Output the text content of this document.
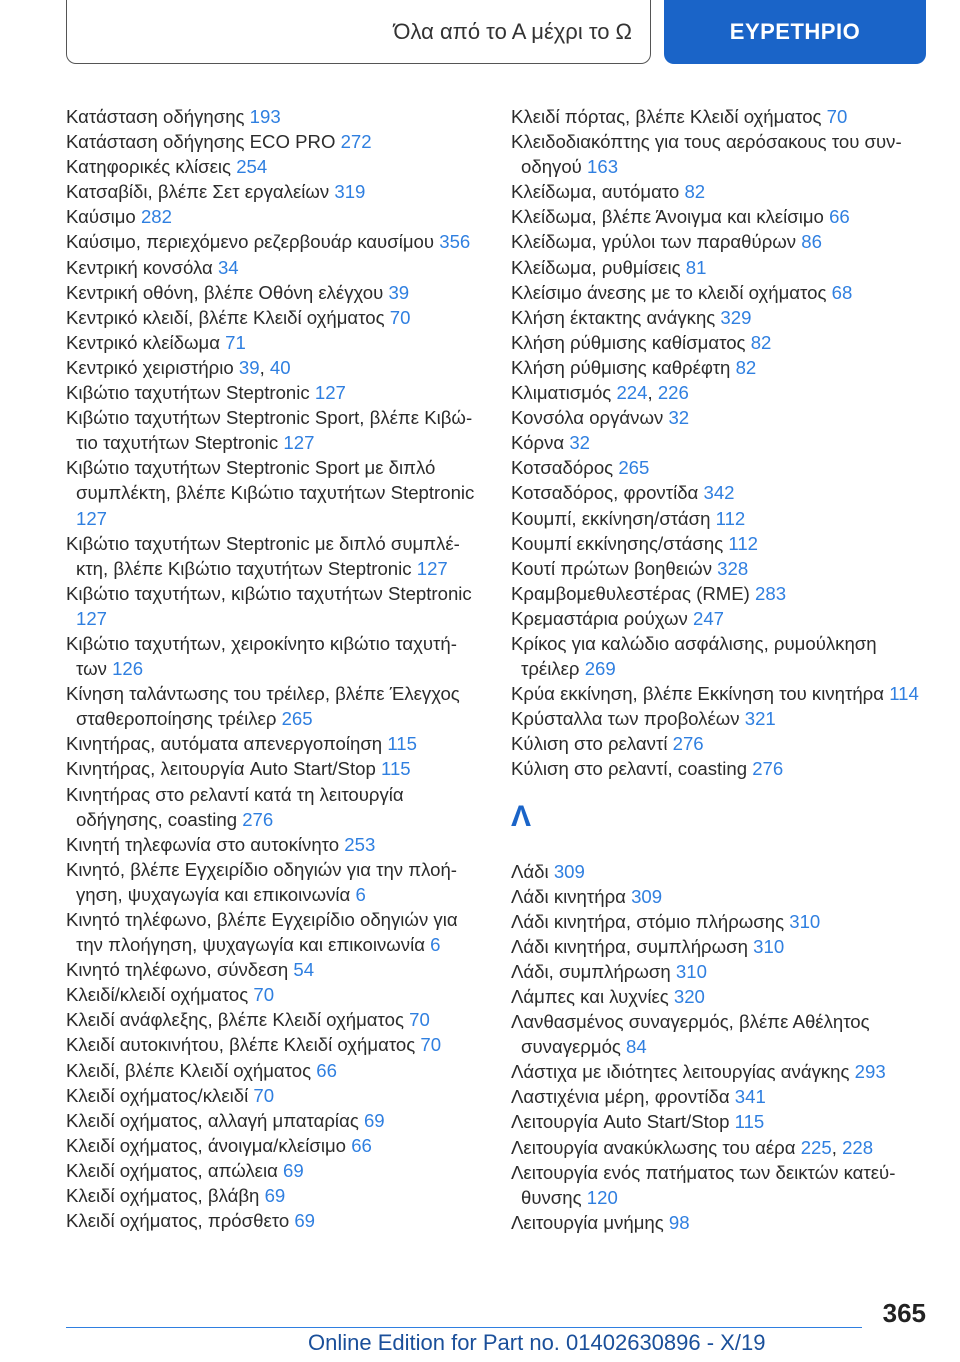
Όλα από το Α μέχρι το Ω	ΕΥΡΕΤΗΡΙΟ
Κατάσταση οδήγησης 193
Κατάσταση οδήγησης ECO PRO 272
Κατηφορικές κλίσεις 254
Κατσαβίδι, βλέπε Σετ εργαλείων 319
Καύσιμο 282
Καύσιμο, περιεχόμενο ρεζερβουάρ καυσίμου 356
Κεντρική κονσόλα 34
Κεντρική οθόνη, βλέπε Οθόνη ελέγχου 39
Κεντρικό κλειδί, βλέπε Κλειδί οχήματος 70
Κεντρικό κλείδωμα 71
Κεντρικό χειριστήριο 39, 40
Κιβώτιο ταχυτήτων Steptronic 127
Κιβώτιο ταχυτήτων Steptronic Sport, βλέπε Κιβώτιο ταχυτήτων Steptronic 127
Κιβώτιο ταχυτήτων Steptronic Sport με διπλό συμπλέκτη, βλέπε Κιβώτιο ταχυτήτων Steptronic 127
Κιβώτιο ταχυτήτων Steptronic με διπλό συμπλέκτη, βλέπε Κιβώτιο ταχυτήτων Steptronic 127
Κιβώτιο ταχυτήτων, κιβώτιο ταχυτήτων Steptronic 127
Κιβώτιο ταχυτήτων, χειροκίνητο κιβώτιο ταχυτήτων 126
Κίνηση ταλάντωσης του τρέιλερ, βλέπε Έλεγχος σταθεροποίησης τρέιλερ 265
Κινητήρας, αυτόματα απενεργοποίηση 115
Κινητήρας, λειτουργία Auto Start/Stop 115
Κινητήρας στο ρελαντί κατά τη λειτουργία οδήγησης, coasting 276
Κινητή τηλεφωνία στο αυτοκίνητο 253
Κινητό, βλέπε Εγχειρίδιο οδηγιών για την πλοήγηση, ψυχαγωγία και επικοινωνία 6
Κινητό τηλέφωνο, βλέπε Εγχειρίδιο οδηγιών για την πλοήγηση, ψυχαγωγία και επικοινωνία 6
Κινητό τηλέφωνο, σύνδεση 54
Κλειδί/κλειδί οχήματος 70
Κλειδί ανάφλεξης, βλέπε Κλειδί οχήματος 70
Κλειδί αυτοκινήτου, βλέπε Κλειδί οχήματος 70
Κλειδί, βλέπε Κλειδί οχήματος 66
Κλειδί οχήματος/κλειδί 70
Κλειδί οχήματος, αλλαγή μπαταρίας 69
Κλειδί οχήματος, άνοιγμα/κλείσιμο 66
Κλειδί οχήματος, απώλεια 69
Κλειδί οχήματος, βλάβη 69
Κλειδί οχήματος, πρόσθετο 69
Κλειδί πόρτας, βλέπε Κλειδί οχήματος 70
Κλειδοδιακόπτης για τους αερόσακους του συνοδηγού 163
Κλείδωμα, αυτόματο 82
Κλείδωμα, βλέπε Άνοιγμα και κλείσιμο 66
Κλείδωμα, γρύλοι των παραθύρων 86
Κλείδωμα, ρυθμίσεις 81
Κλείσιμο άνεσης με το κλειδί οχήματος 68
Κλήση έκτακτης ανάγκης 329
Κλήση ρύθμισης καθίσματος 82
Κλήση ρύθμισης καθρέφτη 82
Κλιματισμός 224, 226
Κονσόλα οργάνων 32
Κόρνα 32
Κοτσαδόρος 265
Κοτσαδόρος, φροντίδα 342
Κουμπί, εκκίνηση/στάση 112
Κουμπί εκκίνησης/στάσης 112
Κουτί πρώτων βοηθειών 328
Κραμβομεθυλεστέρας (RME) 283
Κρεμαστάρια ρούχων 247
Κρίκος για καλώδιο ασφάλισης, ρυμούλκηση τρέιλερ 269
Κρύα εκκίνηση, βλέπε Εκκίνηση του κινητήρα 114
Κρύσταλλα των προβολέων 321
Κύλιση στο ρελαντί 276
Κύλιση στο ρελαντί, coasting 276
Λ
Λάδι 309
Λάδι κινητήρα 309
Λάδι κινητήρα, στόμιο πλήρωσης 310
Λάδι κινητήρα, συμπλήρωση 310
Λάδι, συμπλήρωση 310
Λάμπες και λυχνίες 320
Λανθασμένος συναγερμός, βλέπε Αθέλητος συναγερμός 84
Λάστιχα με ιδιότητες λειτουργίας ανάγκης 293
Λαστιχένια μέρη, φροντίδα 341
Λειτουργία Auto Start/Stop 115
Λειτουργία ανακύκλωσης του αέρα 225, 228
Λειτουργία ενός πατήματος των δεικτών κατεύθυνσης 120
Λειτουργία μνήμης 98
365
Online Edition for Part no. 01402630896 - X/19
